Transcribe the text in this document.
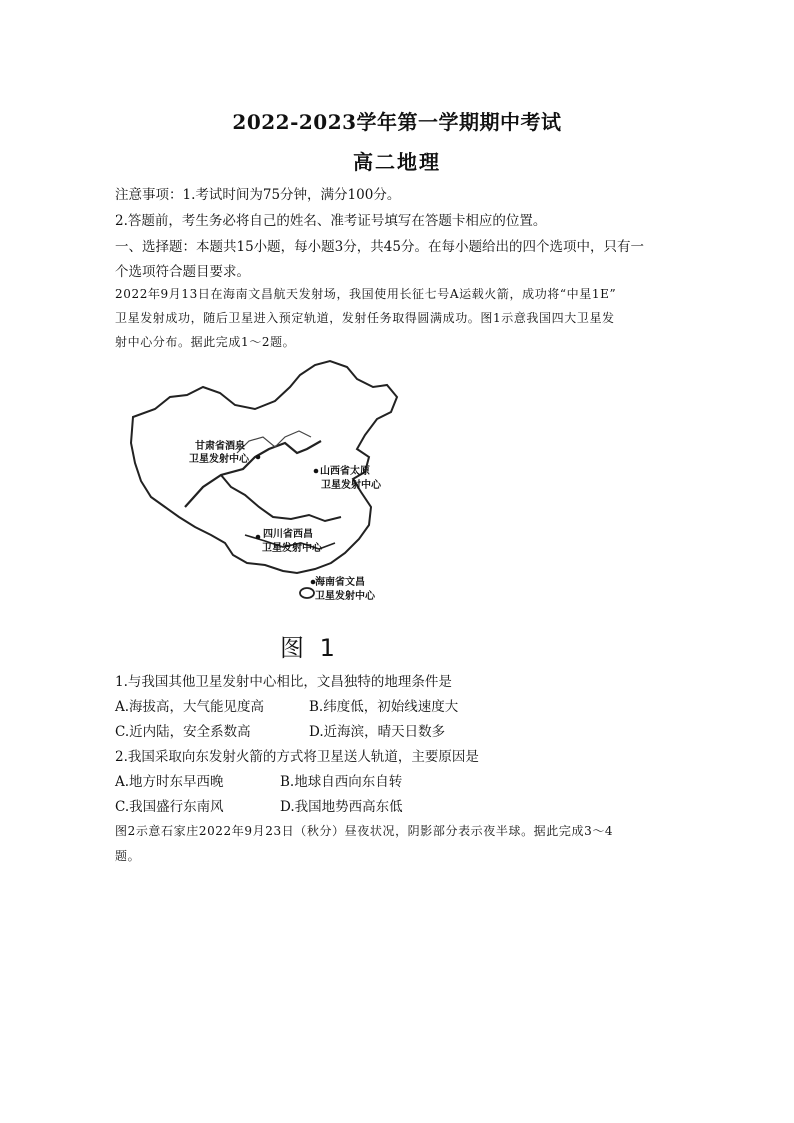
2022-2023学年第一学期期中考试
高二地理
注意事项：1.考试时间为75分钟，满分100分。
2.答题前，考生务必将自己的姓名、准考证号填写在答题卡相应的位置。
一、选择题：本题共15小题，每小题3分，共45分。在每小题给出的四个选项中，只有一
个选项符合题目要求。
2022年9月13日在海南文昌航天发射场，我国使用长征七号A运载火箭，成功将“中星1E”
卫星发射成功，随后卫星进入预定轨道，发射任务取得圆满成功。图1示意我国四大卫星发
射中心分布。据此完成1～2题。
甘肃省酒泉
卫星发射中心
山西省太原
卫星发射中心
四川省西昌
卫星发射中心
海南省文昌
卫星发射中心
图 1
1.与我国其他卫星发射中心相比，文昌独特的地理条件是
A.海拔高，大气能见度高	B.纬度低，初始线速度大
C.近内陆，安全系数高	D.近海滨，晴天日数多
2.我国采取向东发射火箭的方式将卫星送人轨道，主要原因是
A.地方时东早西晚	B.地球自西向东自转
C.我国盛行东南风	D.我国地势西高东低
图2示意石家庄2022年9月23日（秋分）昼夜状况，阴影部分表示夜半球。据此完成3～4
题。
